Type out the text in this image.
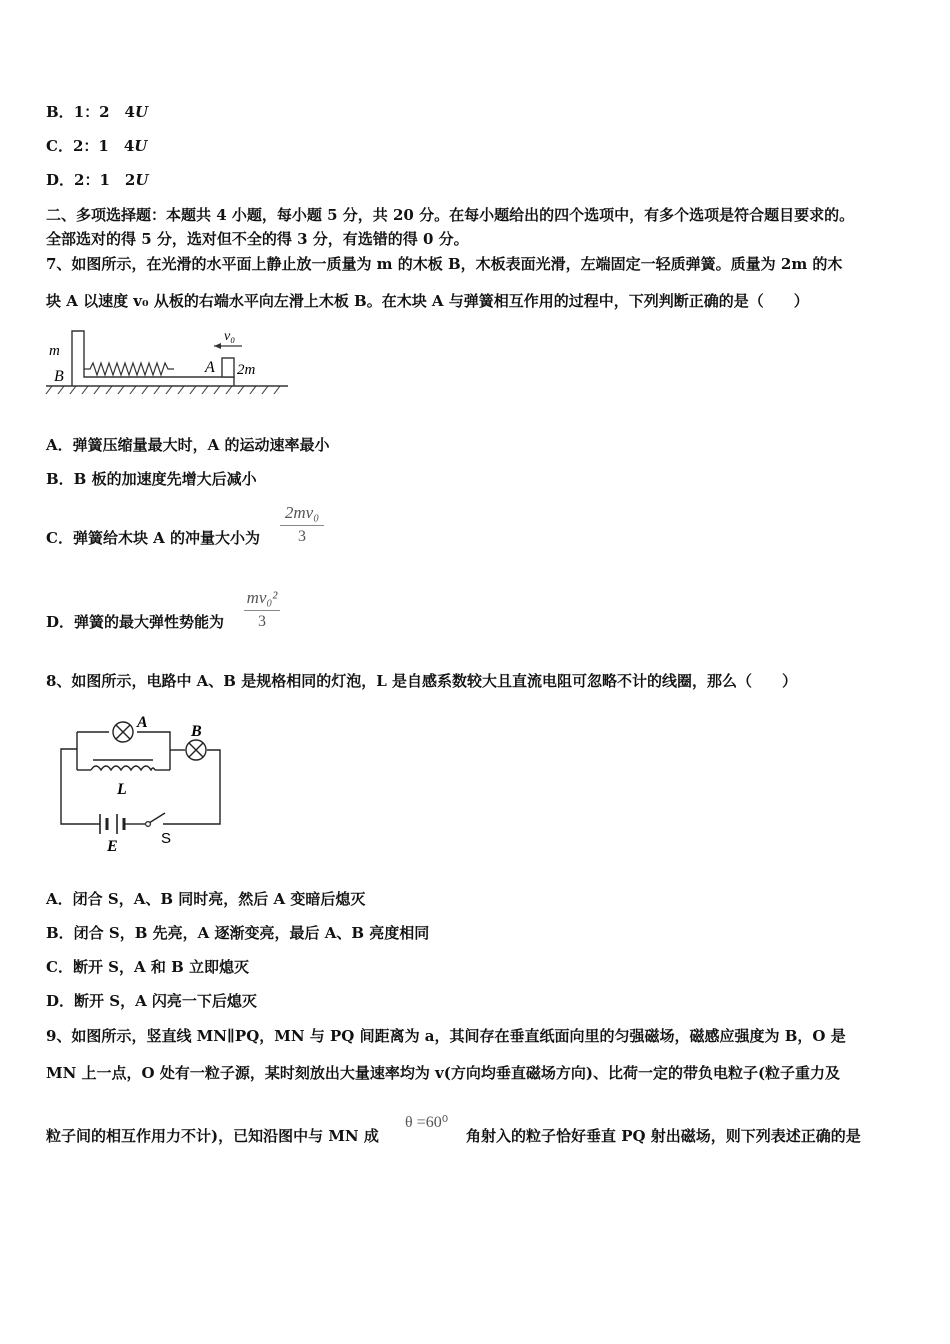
B．1：2　4U
C．2：1　4U
D．2：1　2U
二、多项选择题：本题共 4 小题，每小题 5 分，共 20 分。在每小题给出的四个选项中，有多个选项是符合题目要求的。
全部选对的得 5 分，选对但不全的得 3 分，有选错的得 0 分。
7、如图所示，在光滑的水平面上静止放一质量为 m 的木板 B，木板表面光滑，左端固定一轻质弹簧。质量为 2m 的木
块 A 以速度 v₀ 从板的右端水平向左滑上木板 B。在木块 A 与弹簧相互作用的过程中，下列判断正确的是（　　）
m
B
A 2m
v₀
A．弹簧压缩量最大时，A 的运动速率最小
B．B 板的加速度先增大后减小
C．弹簧给木块 A 的冲量大小为
2mv₀
3
D．弹簧的最大弹性势能为
mv₀²
3
8、如图所示，电路中 A、B 是规格相同的灯泡，L 是自感系数较大且直流电阻可忽略不计的线圈，那么（　　）
A
B
L
E	S
A．闭合 S，A、B 同时亮，然后 A 变暗后熄灭
B．闭合 S，B 先亮，A 逐渐变亮，最后 A、B 亮度相同
C．断开 S，A 和 B 立即熄灭
D．断开 S，A 闪亮一下后熄灭
9、如图所示，竖直线 MN∥PQ，MN 与 PQ 间距离为 a，其间存在垂直纸面向里的匀强磁场，磁感应强度为 B，O 是
MN 上一点，O 处有一粒子源，某时刻放出大量速率均为 v(方向均垂直磁场方向)、比荷一定的带负电粒子(粒子重力及
粒子间的相互作用力不计)，已知沿图中与 MN 成
θ =60⁰
角射入的粒子恰好垂直 PQ 射出磁场，则下列表述正确的是
